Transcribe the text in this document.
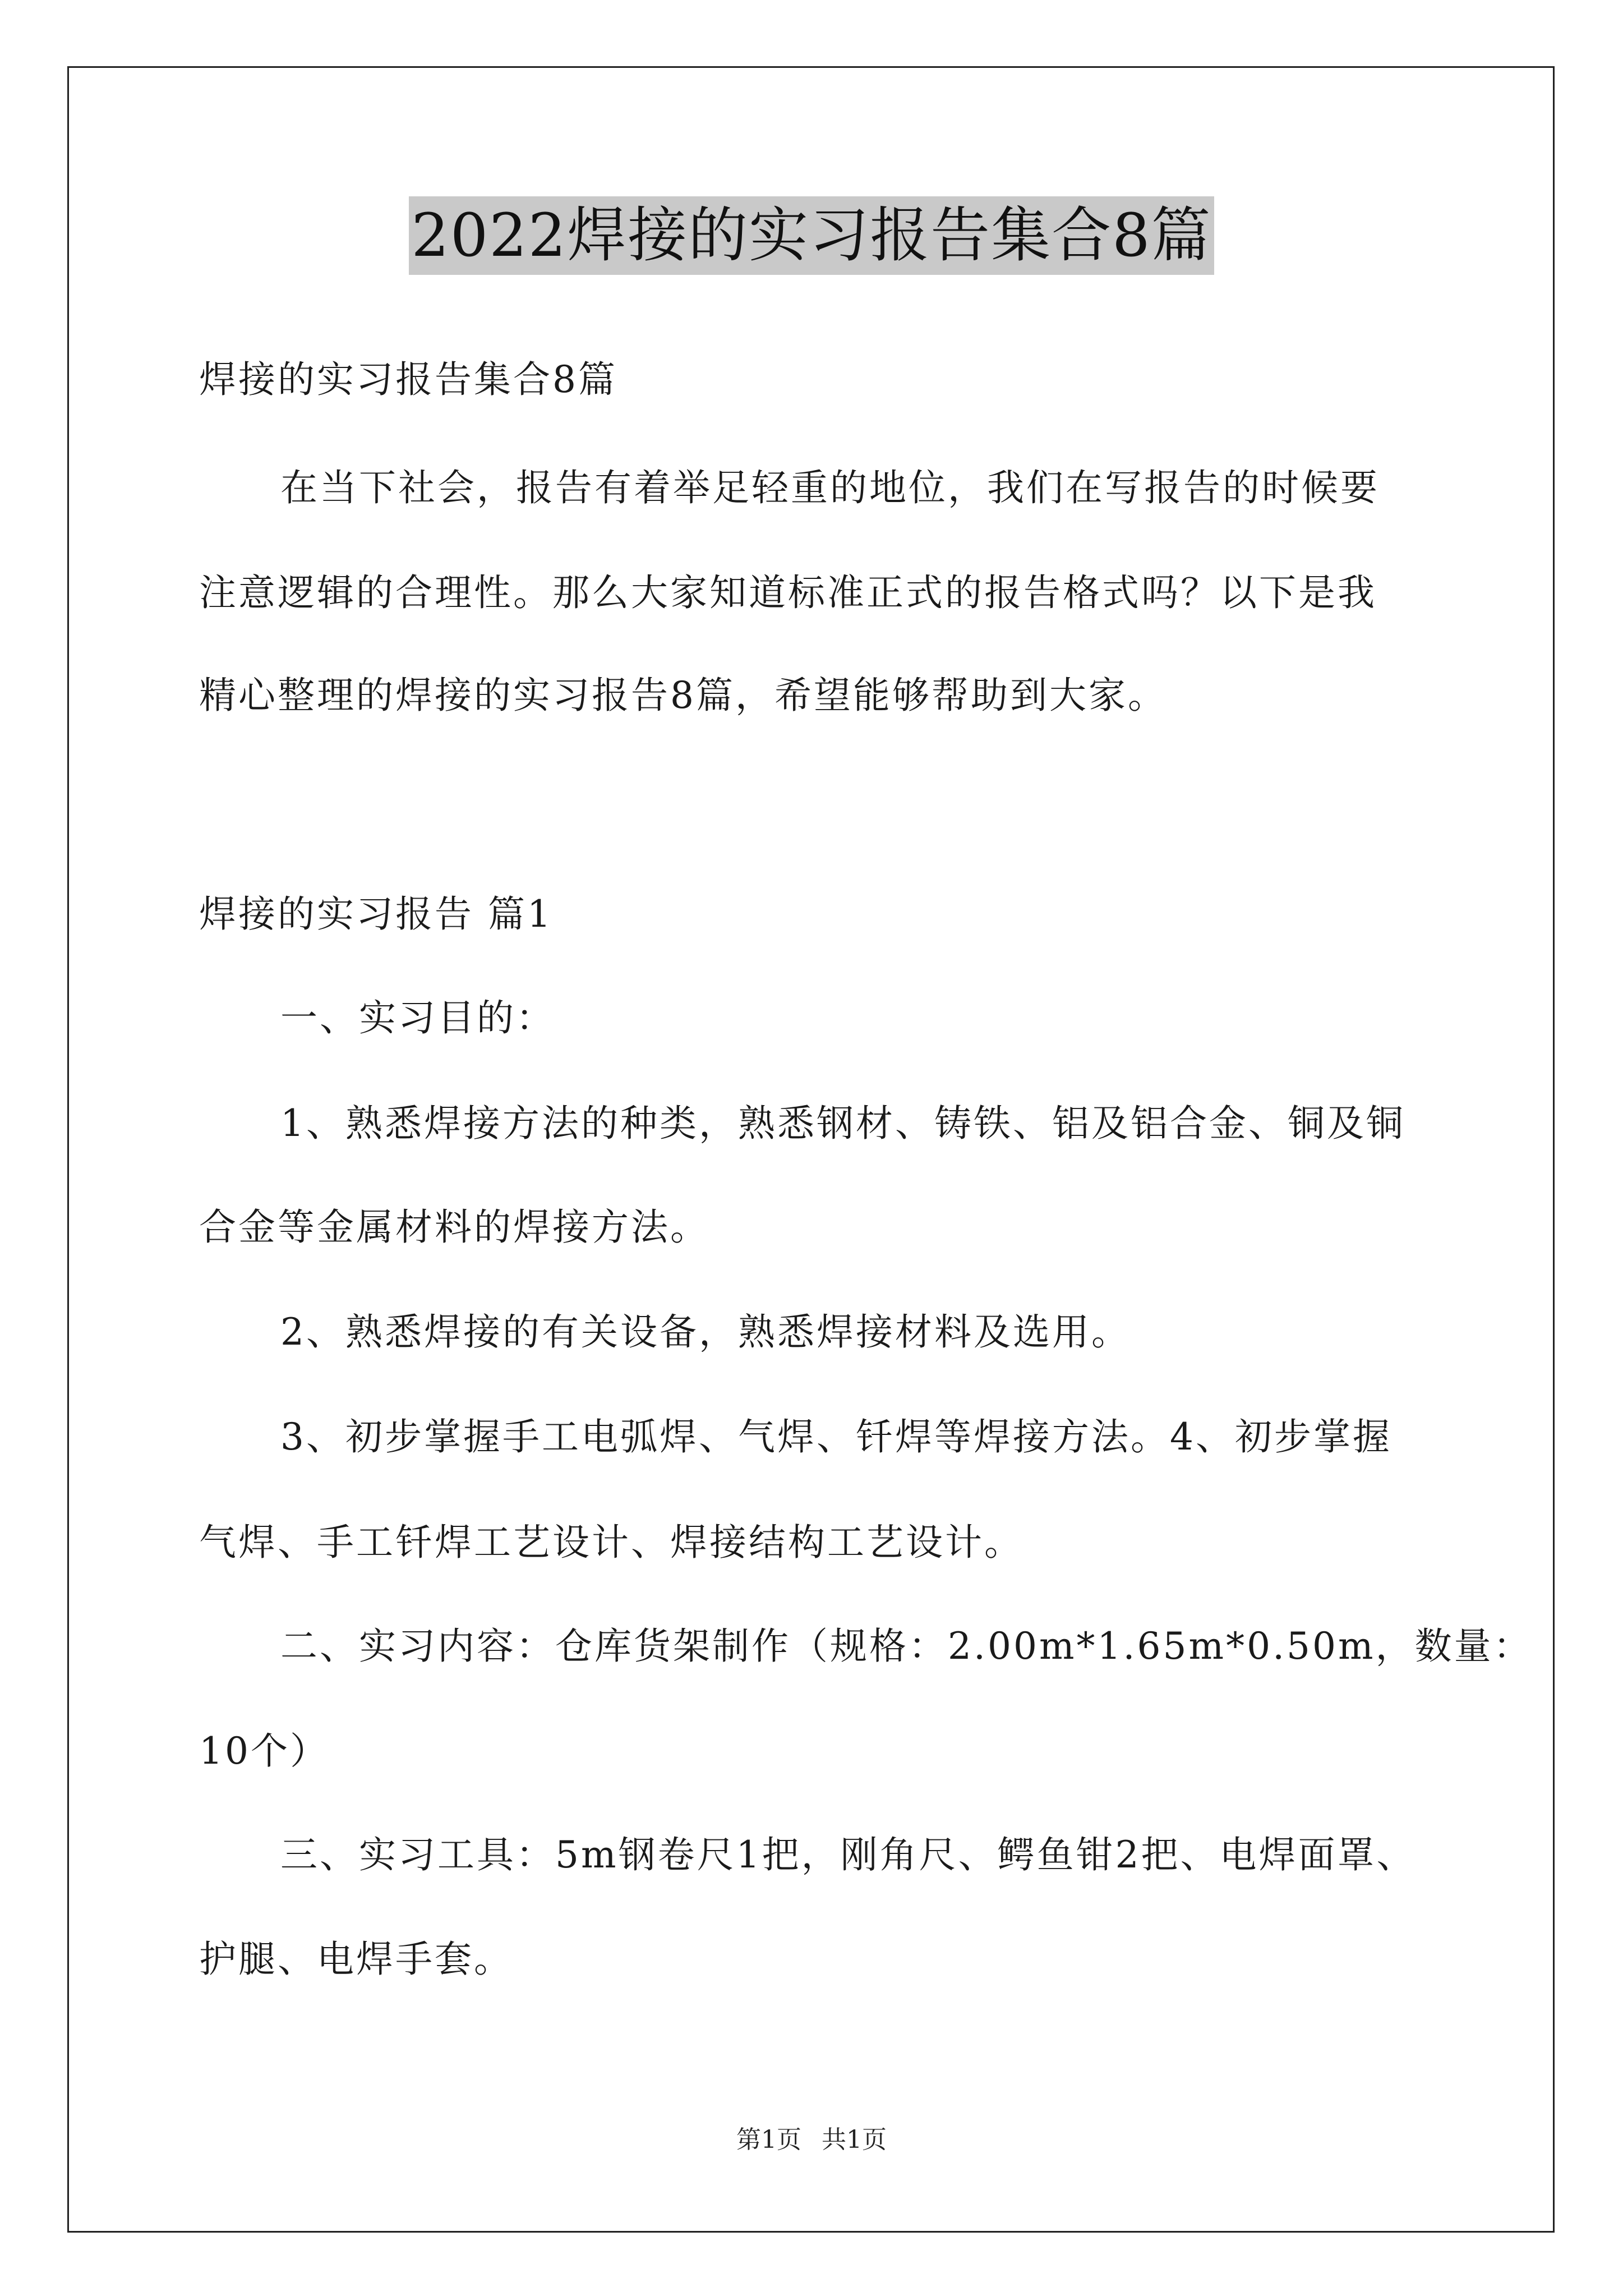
2022焊接的实习报告集合8篇
焊接的实习报告集合8篇
在当下社会，报告有着举足轻重的地位，我们在写报告的时候要
注意逻辑的合理性。那么大家知道标准正式的报告格式吗？以下是我
精心整理的焊接的实习报告8篇，希望能够帮助到大家。
焊接的实习报告 篇1
一、实习目的：
1、熟悉焊接方法的种类，熟悉钢材、铸铁、铝及铝合金、铜及铜
合金等金属材料的焊接方法。
2、熟悉焊接的有关设备，熟悉焊接材料及选用。
3、初步掌握手工电弧焊、气焊、钎焊等焊接方法。4、初步掌握
气焊、手工钎焊工艺设计、焊接结构工艺设计。
二、实习内容：仓库货架制作（规格：2.00m*1.65m*0.50m，数量：
10个）
三、实习工具：5m钢卷尺1把，刚角尺、鳄鱼钳2把、电焊面罩、
护腿、电焊手套。
第1页 共1页
